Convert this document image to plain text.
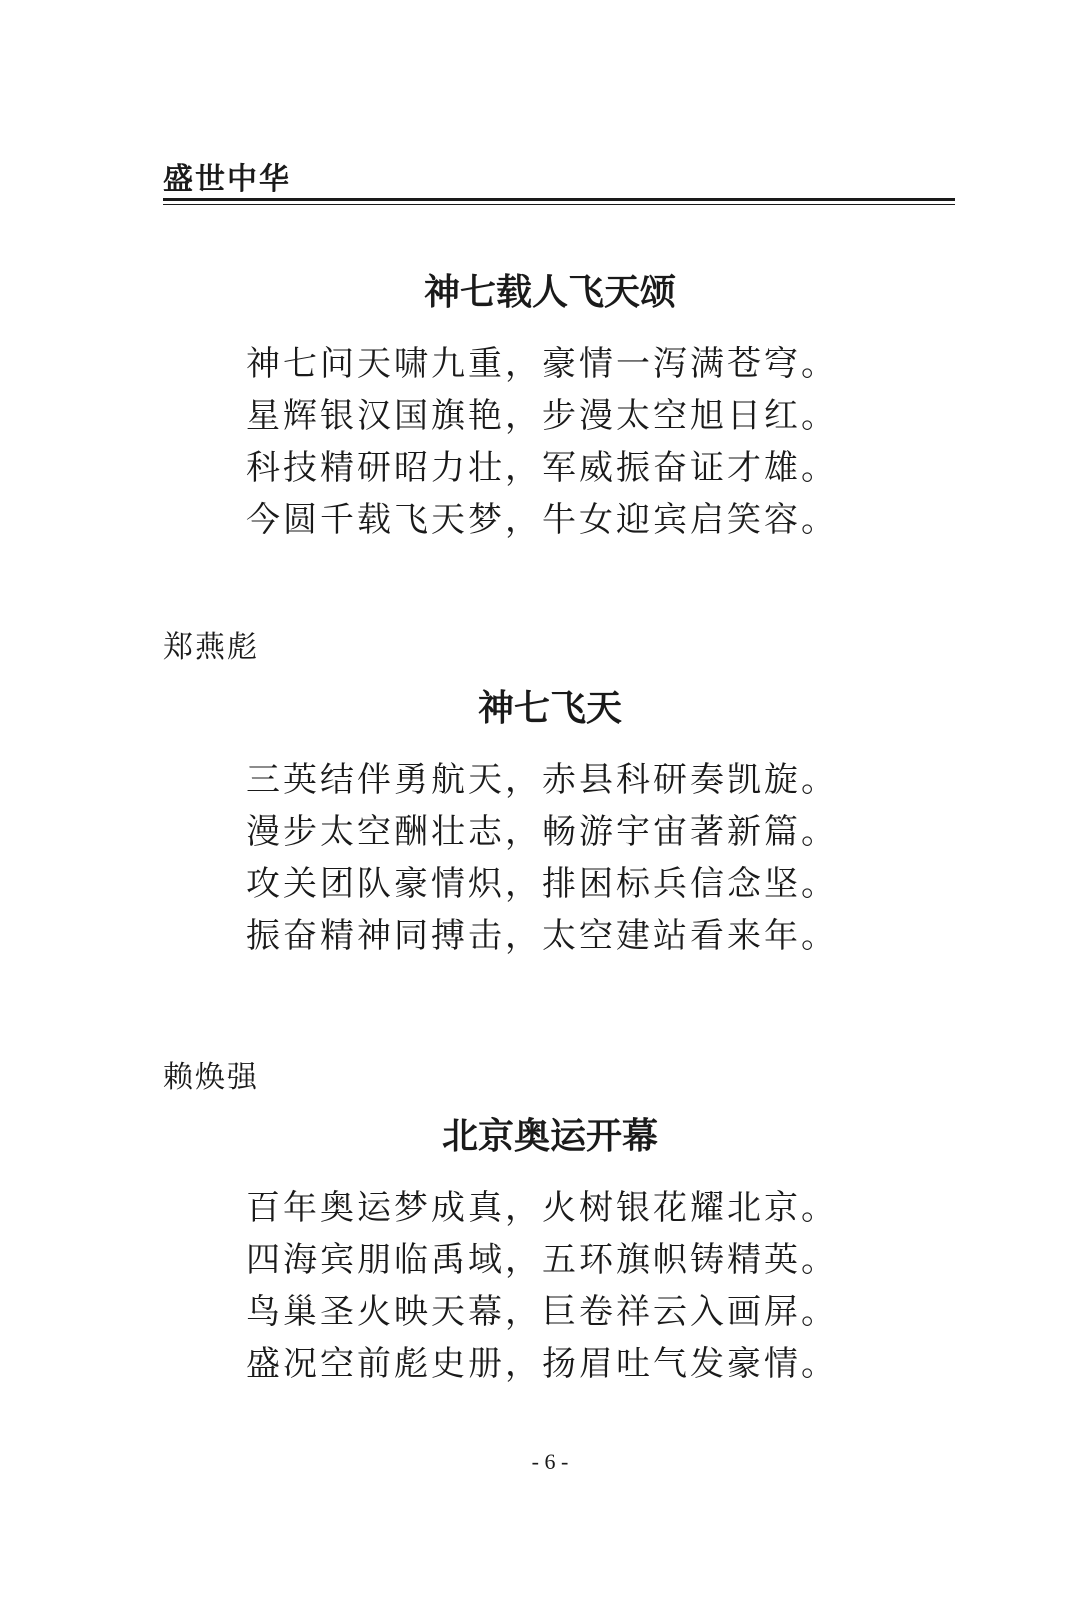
盛世中华
神七载人飞天颂
神七问天啸九重，豪情一泻满苍穹。
星辉银汉国旗艳，步漫太空旭日红。
科技精研昭力壮，军威振奋证才雄。
今圆千载飞天梦，牛女迎宾启笑容。
郑燕彪
神七飞天
三英结伴勇航天，赤县科研奏凯旋。
漫步太空酬壮志，畅游宇宙著新篇。
攻关团队豪情炽，排困标兵信念坚。
振奋精神同搏击，太空建站看来年。
赖焕强
北京奥运开幕
百年奥运梦成真，火树银花耀北京。
四海宾朋临禹域，五环旗帜铸精英。
鸟巢圣火映天幕，巨卷祥云入画屏。
盛况空前彪史册，扬眉吐气发豪情。
- 6 -
